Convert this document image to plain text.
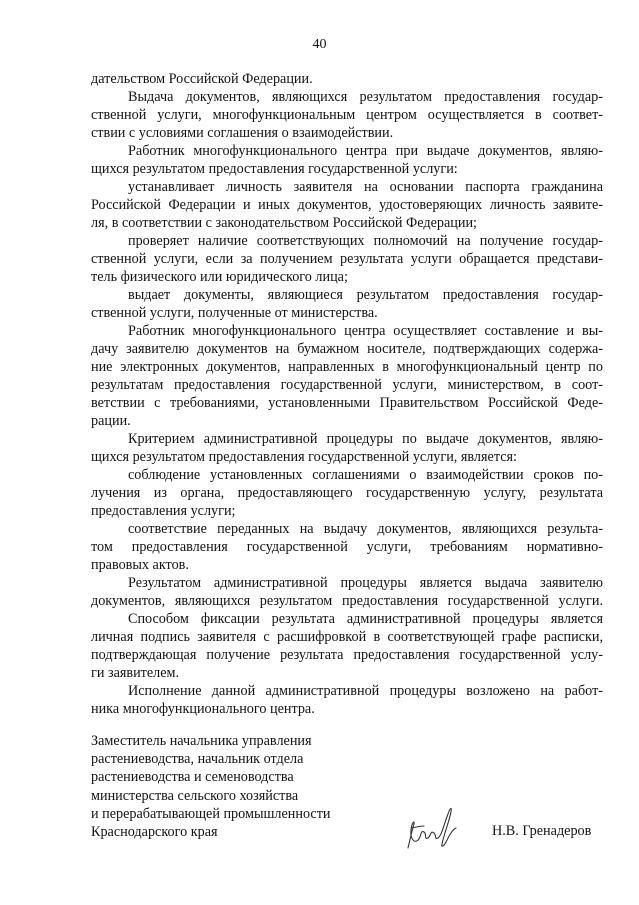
40
дательством Российской Федерации.
Выдача документов, являющихся результатом предоставления государ-
ственной услуги, многофункциональным центром осуществляется в соответ-
ствии с условиями соглашения о взаимодействии.
Работник многофункционального центра при выдаче документов, являю-
щихся результатом предоставления государственной услуги:
устанавливает личность заявителя на основании паспорта гражданина
Российской Федерации и иных документов, удостоверяющих личность заявите-
ля, в соответствии с законодательством Российской Федерации;
проверяет наличие соответствующих полномочий на получение государ-
ственной услуги, если за получением результата услуги обращается представи-
тель физического или юридического лица;
выдает документы, являющиеся результатом предоставления государ-
ственной услуги, полученные от министерства.
Работник многофункционального центра осуществляет составление и вы-
дачу заявителю документов на бумажном носителе, подтверждающих содержа-
ние электронных документов, направленных в многофункциональный центр по
результатам предоставления государственной услуги, министерством, в соот-
ветствии с требованиями, установленными Правительством Российской Феде-
рации.
Критерием административной процедуры по выдаче документов, являю-
щихся результатом предоставления государственной услуги, является:
соблюдение установленных соглашениями о взаимодействии сроков по-
лучения из органа, предоставляющего государственную услугу, результата
предоставления услуги;
соответствие переданных на выдачу документов, являющихся результа-
том предоставления государственной услуги, требованиям нормативно-
правовых актов.
Результатом административной процедуры является выдача заявителю
документов, являющихся результатом предоставления государственной услуги.
Способом фиксации результата административной процедуры является
личная подпись заявителя с расшифровкой в соответствующей графе расписки,
подтверждающая получение результата предоставления государственной услу-
ги заявителем.
Исполнение данной административной процедуры возложено на работ-
ника многофункционального центра.
Заместитель начальника управления
растениеводства, начальник отдела
растениеводства и семеноводства
министерства сельского хозяйства
и перерабатывающей промышленности
Краснодарского края	Н.В. Гренадеров
